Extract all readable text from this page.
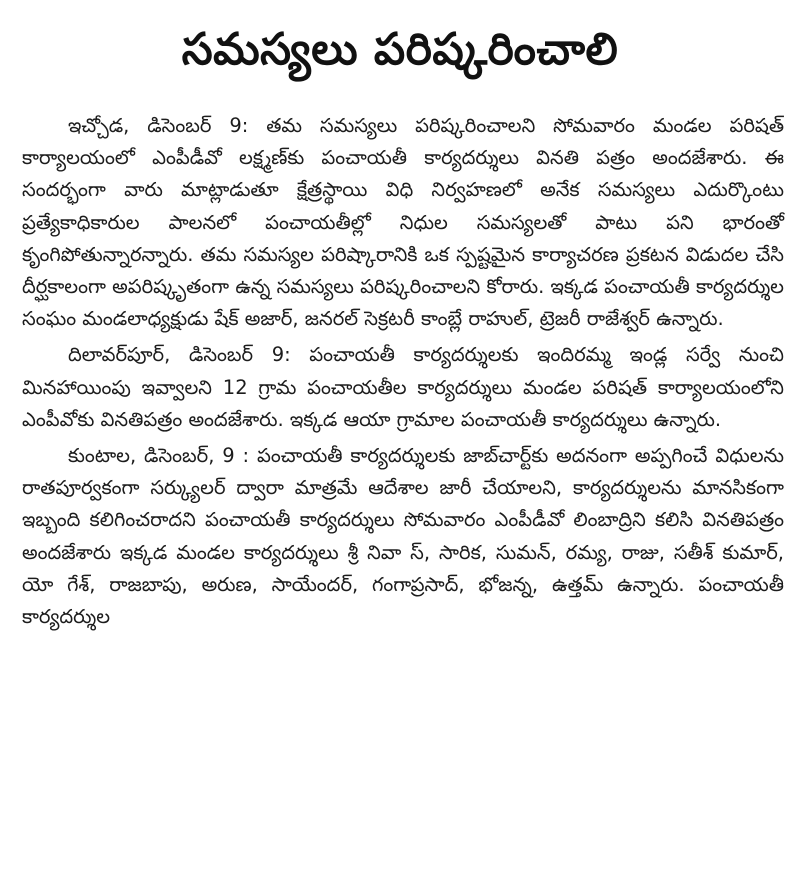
సమస్యలు పరిష్కరించాలి

ఇచ్చోడ, డిసెంబర్ 9: తమ సమస్యలు పరిష్కరించాలని సోమవారం మండల పరిషత్ కార్యాలయంలో ఎంపీడీవో లక్ష్మణ్‌కు పంచాయతీ కార్యదర్శులు వినతి పత్రం అందజేశారు. ఈ సందర్భంగా వారు మాట్లాడుతూ క్షేత్రస్థాయి విధి నిర్వహణలో అనేక సమస్యలు ఎదుర్కొంటు ప్రత్యేకాధికారుల పాలనలో పంచాయతీల్లో నిధుల సమస్యలతో పాటు పని భారంతో కృంగిపోతున్నారన్నారు. తమ సమస్యల పరిష్కారానికి ఒక స్పష్టమైన కార్యాచరణ ప్రకటన విడుదల చేసి దీర్ఘకాలంగా అపరిష్కృతంగా ఉన్న సమస్యలు పరిష్కరించాలని కోరారు. ఇక్కడ పంచాయతీ కార్యదర్శుల సంఘం మండలాధ్యక్షుడు షేక్ అజార్, జనరల్ సెక్రటరీ కాంబ్లే రాహుల్, ట్రెజరీ రాజేశ్వర్ ఉన్నారు.

దిలావర్‌పూర్, డిసెంబర్ 9: పంచాయతీ కార్యదర్శులకు ఇందిరమ్మ ఇండ్ల సర్వే నుంచి మినహాయింపు ఇవ్వాలని 12 గ్రామ పంచాయతీల కార్యదర్శులు మండల పరిషత్ కార్యాలయంలోని ఎంపీవోకు వినతిపత్రం అందజేశారు. ఇక్కడ ఆయా గ్రామాల పంచాయతీ కార్యదర్శులు ఉన్నారు.

కుంటాల, డిసెంబర్, 9 : పంచాయతీ కార్యదర్శులకు జాబ్‌చార్ట్‌కు అదనంగా అప్పగించే విధులను రాతపూర్వకంగా సర్క్యులర్ ద్వారా మాత్రమే ఆదేశాల జారీ చేయాలని, కార్యదర్శులను మానసికంగా ఇబ్బంది కలిగించరాదని పంచాయతీ కార్యదర్శులు సోమవారం ఎంపీడీవో లింబాద్రిని కలిసి వినతిపత్రం అందజేశారు ఇక్కడ మండల కార్యదర్శులు శ్రీ నివా స్, సారిక, సుమన్, రమ్య, రాజు, సతీశ్ కుమార్, యో గేశ్, రాజబాపు, అరుణ, సాయేందర్, గంగాప్రసాద్, భోజన్న, ఉత్తమ్ ఉన్నారు. పంచాయతీ కార్యదర్శుల
